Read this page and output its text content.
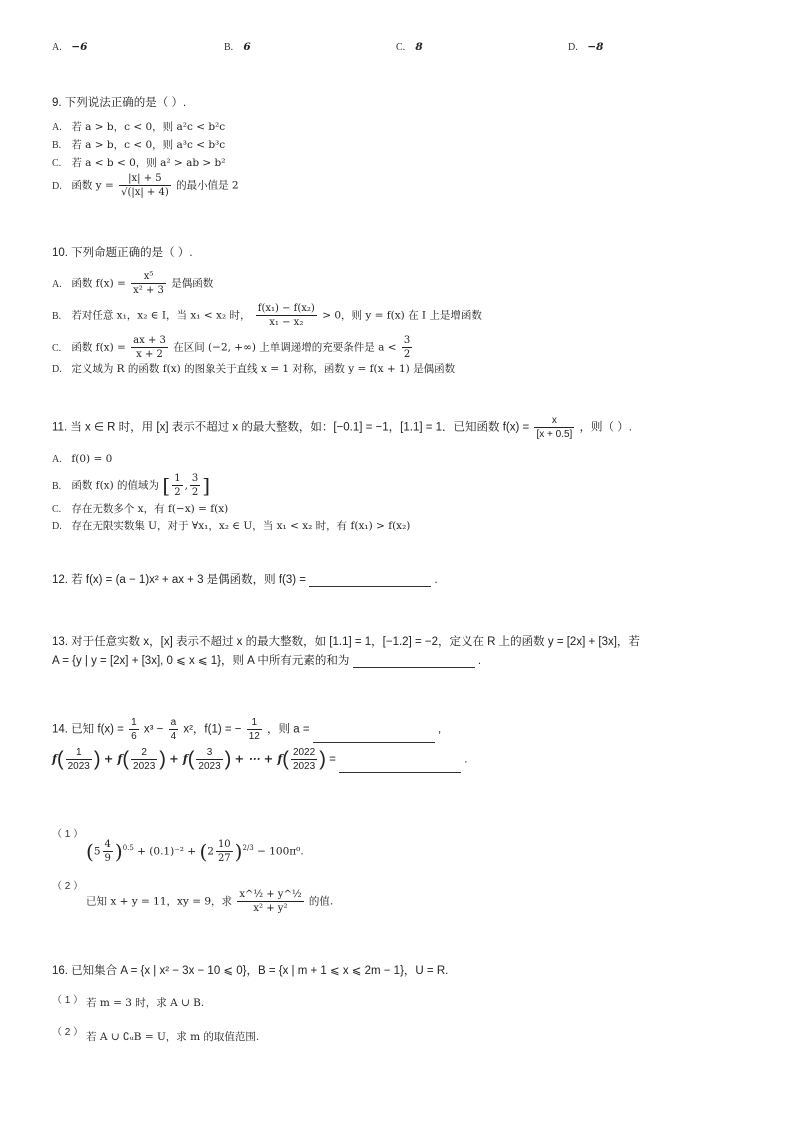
A. −6	B. 6	C. 8	D. −8
9. 下列说法正确的是（ ）.
A. 若 a > b，c < 0，则 a²c < b²c
B. 若 a > b，c < 0，则 a³c < b³c
C. 若 a < b < 0，则 a² > ab > b²
D. 函数 $y = \frac{|x| + 5}{√(|x| + 4)}$ 的最小值是 2
10. 下列命题正确的是（ ）.
A. 函数 $f(x) = \frac{\text{x⁵}}{\text{x² + 3}}$ 是偶函数
B. 若对任意 x₁，x₂ ∈ I，当 x₁ < x₂ 时， $\frac{\text{f(x₁) − f(x₂)}}{\text{x₁ − x₂}} > 0$，则 y = f(x) 在 I 上是增函数
C. 函数 $f(x) = \frac{ax + 3}{x + 2}$ 在区间 (−2, +∞) 上单调递增的充要条件是 $a < \frac{3}{2}$
D. 定义域为 R 的函数 f(x) 的图象关于直线 x = 1 对称，函数 y = f(x + 1) 是偶函数
11. 当 x ∈ R 时，用 [x] 表示不超过 x 的最大整数，如：[−0.1] = −1，[1.1] = 1．已知函数 $f(x) = \frac{x}{[x + 0.5]}$ ，则（ ）.
A. f(0) = 0
B. 函数 f(x) 的值域为 [ $\frac{1}{2}$ , $\frac{3}{2}$ ]
C. 存在无数多个 x，有 f(−x) = f(x)
D. 存在无限实数集 U，对于 ∀x₁，x₂ ∈ U，当 x₁ < x₂ 时，有 f(x₁) > f(x₂)
12. 若 f(x) = (a − 1)x² + ax + 3 是偶函数，则 f(3) =	.
13. 对于任意实数 x，[x] 表示不超过 x 的最大整数，如 [1.1] = 1，[−1.2] = −2，定义在 R 上的函数 y = [2x] + [3x]，若
A = {y | y = [2x] + [3x], 0 ⩽ x ⩽ 1}，则 A 中所有元素的和为	.
14. 已知 $f(x) = \frac{1}{6} x^3 - \frac{a}{4} x^2$，f(1) = − $\frac{1}{12}$ ，则 a =	,
$f( \frac{1}{2023}$ ) + $f( \frac{2}{2023}$ ) + $f( \frac{3}{2023}$ ) + ⋯ + $f( \frac{2022}{2023}$ ) =	.
（ 1 ）
$(5 \frac{4}{9} )^{0.5} + (0.1)^{-2} + (2 \frac{10}{27} )^{2/3} - 100\pi^0$.
（ 2 ）
已知 x + y = 11，xy = 9，求 $\frac{\text{x\textasciicircum{}½ + y\textasciicircum{}½}}{\text{x² + y²}}$ 的值.
16. 已知集合 A = {x | x² − 3x − 10 ⩽ 0}，B = {x | m + 1 ⩽ x ⩽ 2m − 1}，U = R.
（ 1 ） 若 m = 3 时，求 A ∪ B.
（ 2 ） 若 A ∪ ∁ᵤB = U，求 m 的取值范围.
